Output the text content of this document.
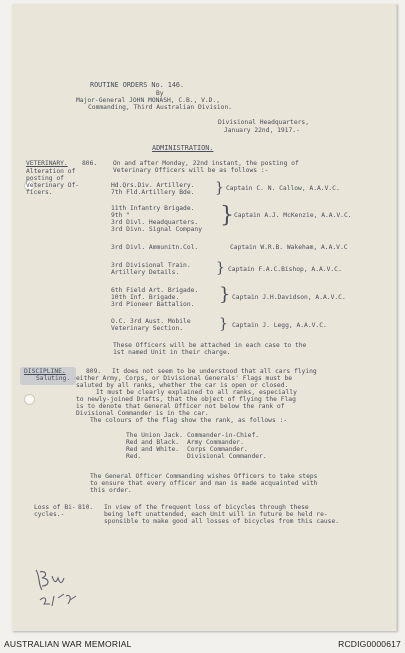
ROUTINE ORDERS No. 146.
By
Major-General JOHN MONASH, C.B., V.D.,
Commanding, Third Australian Division.
Divisional Headquarters,
January 22nd, 1917.-
ADMINISTRATION.
VETERINARY. 806.
Alteration of
posting of
Veterinary Of-
ficers.
On and after Monday, 22nd instant, the posting of
Veterinary Officers will be as follows :-
Hd.Qrs.Div. Artillery.
7th Fld.Artillery Bde. } Captain C. N. Callow, A.A.V.C.
11th Infantry Brigade.
9th "
3rd Divl. Headquarters.
3rd Divn. Signal Company
} Captain A.J. McKenzie, A.A.V.C.
3rd Divl. Ammunitn.Col.	Captain W.R.B. Wakeham, A.A.V.C
3rd Divisional Train.
Artillery Details.	} Captain F.A.C.Bishop, A.A.V.C.
6th Field Art. Brigade.
10th Inf. Brigade.
3rd Pioneer Battalion. } Captain J.H.Davidson, A.A.V.C.
O.C. 3rd Aust. Mobile
Veterinary Section.	} Captain J. Legg, A.A.V.C.
These Officers will be attached in each case to the
1st named Unit in their charge.
DISCIPLINE.
Saluting.
809. It does not seem to be understood that all cars flying
either Army, Corps, or Divisional Generals' Flags must be
saluted by all ranks, whether the car is open or closed.
It must be clearly explained to all ranks, especially
to newly-joined Drafts, that the object of flying the Flag
is to denote that General Officer not below the rank of
Divisional Commander is in the car.
The colours of the flag show the rank, as follows :-
The Union Jack. Commander-in-Chief.
Red and Black. Army Commander.
Red and White. Corps Commander.
Red.	Divisional Commander.
The General Officer Commanding wishes Officers to take steps
to ensure that every officer and man is made acquainted with
this order.
Loss of Bi-
cycles.-
810. In view of the frequent loss of bicycles through these
being left unattended, each Unit will in future be held re-
sponsible to make good all losses of bicycles from this cause.
AUSTRALIAN WAR MEMORIAL	RCDIG0000617
